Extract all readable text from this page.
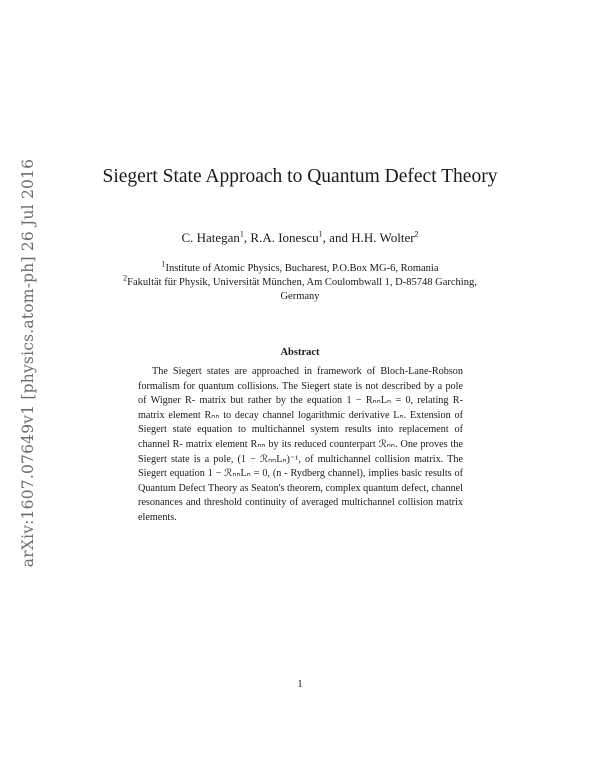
arXiv:1607.07649v1 [physics.atom-ph] 26 Jul 2016	Siegert State Approach to Quantum Defect Theory
C. Hategan$^1$, R.A. Ionescu$^1$, and H.H. Wolter$^2$
$^1$Institute of Atomic Physics, Bucharest, P.O.Box MG-6, Romania
$^2$Fakultät für Physik, Universität München, Am Coulombwall 1, D-85748 Garching, Germany
Abstract
The Siegert states are approached in framework of Bloch-Lane-Robson formalism for quantum collisions. The Siegert state is not described by a pole of Wigner R- matrix but rather by the equation 1 − RₙₙLₙ = 0, relating R- matrix element Rₙₙ to decay channel logarithmic derivative Lₙ. Extension of Siegert state equation to multichannel system results into replacement of channel R- matrix element Rₙₙ by its reduced counterpart ℛₙₙ. One proves the Siegert state is a pole, (1 − ℛₙₙLₙ)⁻¹, of multichannel collision matrix. The Siegert equation 1 − ℛₙₙLₙ = 0, (n - Rydberg channel), implies basic results of Quantum Defect Theory as Seaton's theorem, complex quantum defect, channel resonances and threshold continuity of averaged multichannel collision matrix elements.
1
